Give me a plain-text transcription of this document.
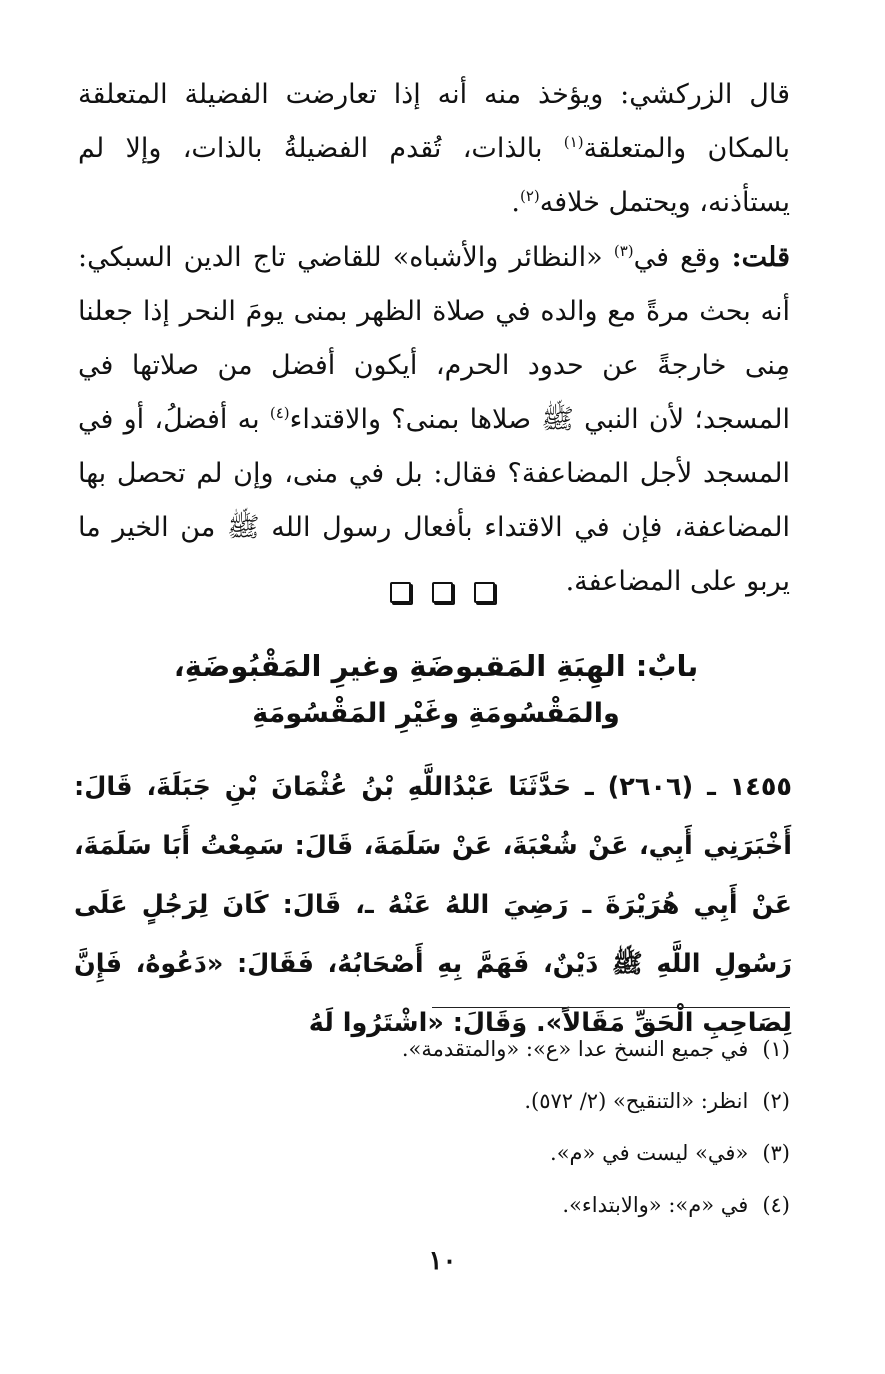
قال الزركشي: ويؤخذ منه أنه إذا تعارضت الفضيلة المتعلقة بالمكان والمتعلقة$^{(١)}$ بالذات، تُقدم الفضيلةُ بالذات، وإلا لم يستأذنه، ويحتمل خلافه$^{(٢)}$.
قلت: وقع في$^{(٣)}$ «النظائر والأشباه» للقاضي تاج الدين السبكي: أنه بحث مرةً مع والده في صلاة الظهر بمنى يومَ النحر إذا جعلنا مِنى خارجةً عن حدود الحرم، أيكون أفضل من صلاتها في المسجد؛ لأن النبي ﷺ صلاها بمنى؟ والاقتداء$^{(٤)}$ به أفضلُ، أو في المسجد لأجل المضاعفة؟ فقال: بل في منى، وإن لم تحصل بها المضاعفة، فإن في الاقتداء بأفعال رسول الله ﷺ من الخير ما يربو على المضاعفة.

بابٌ: الهِبَةِ المَقبوضَةِ وغيرِ المَقْبُوضَةِ،
والمَقْسُومَةِ وغَيْرِ المَقْسُومَةِ
١٤٥٥ ـ (٢٦٠٦) ـ حَدَّثَنَا عَبْدُاللَّهِ بْنُ عُثْمَانَ بْنِ جَبَلَةَ، قَالَ: أَخْبَرَنِي أَبِي، عَنْ شُعْبَةَ، عَنْ سَلَمَةَ، قَالَ: سَمِعْتُ أَبَا سَلَمَةَ، عَنْ أَبِي هُرَيْرَةَ ـ رَضِيَ اللهُ عَنْهُ ـ، قَالَ: كَانَ لِرَجُلٍ عَلَى رَسُولِ اللَّهِ ﷺ دَيْنٌ، فَهَمَّ بِهِ أَصْحَابُهُ، فَقَالَ: «دَعُوهُ، فَإِنَّ لِصَاحِبِ الْحَقِّ مَقَالاً». وَقَالَ: «اشْتَرُوا لَهُ
(١)في جميع النسخ عدا «ع»: «والمتقدمة».
(٢)انظر: «التنقيح» (٢/ ٥٧٢).
(٣)«في» ليست في «م».
(٤)في «م»: «والابتداء».
١٠
